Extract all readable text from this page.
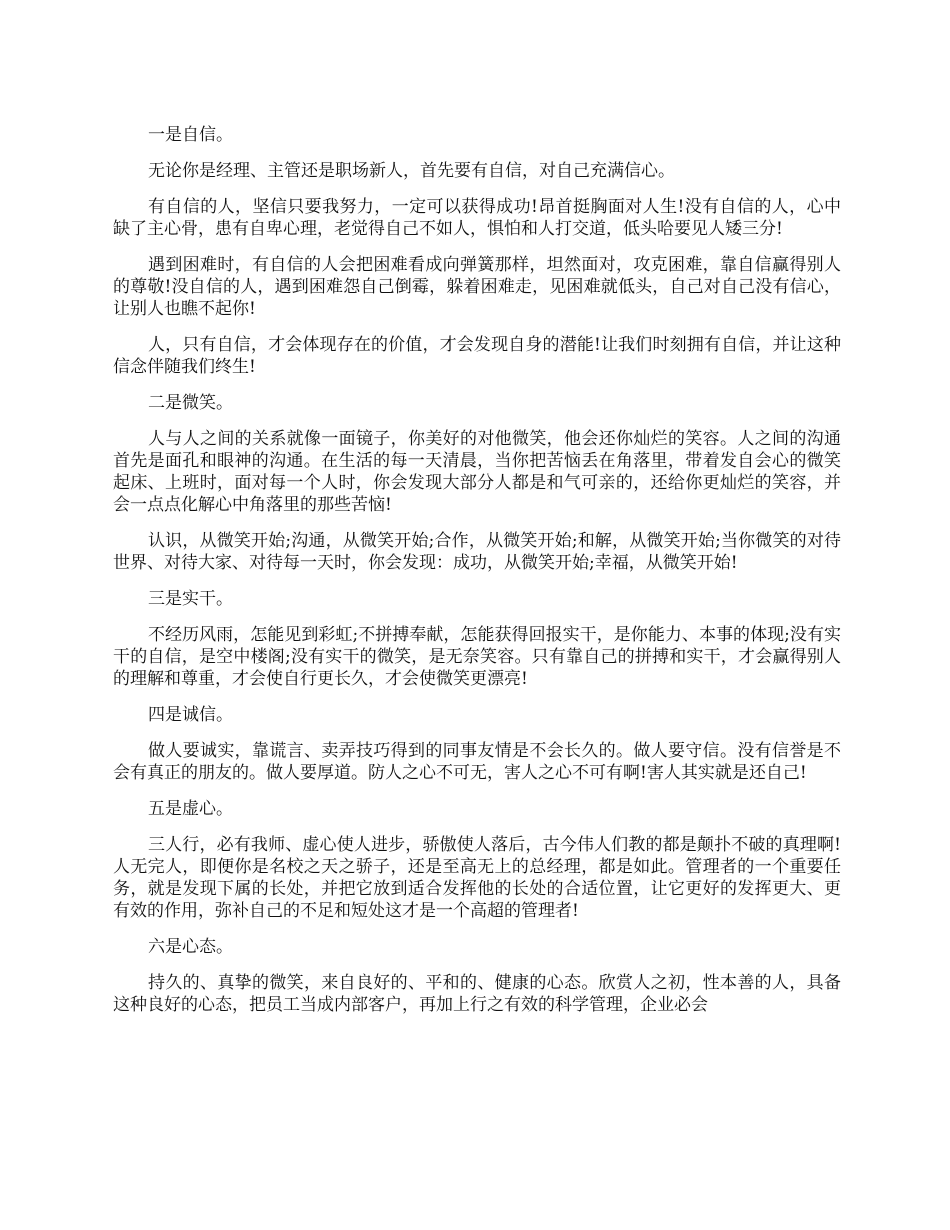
一是自信。

无论你是经理、主管还是职场新人，首先要有自信，对自己充满信心。

有自信的人，坚信只要我努力，一定可以获得成功!昂首挺胸面对人生!没有自信的人，心中缺了主心骨，患有自卑心理，老觉得自己不如人，惧怕和人打交道，低头哈要见人矮三分!

遇到困难时，有自信的人会把困难看成向弹簧那样，坦然面对，攻克困难，靠自信赢得别人的尊敬!没自信的人，遇到困难怨自己倒霉，躲着困难走，见困难就低头，自己对自己没有信心，让别人也瞧不起你!

人，只有自信，才会体现存在的价值，才会发现自身的潜能!让我们时刻拥有自信，并让这种信念伴随我们终生!

二是微笑。

人与人之间的关系就像一面镜子，你美好的对他微笑，他会还你灿烂的笑容。人之间的沟通首先是面孔和眼神的沟通。在生活的每一天清晨，当你把苦恼丢在角落里，带着发自会心的微笑起床、上班时，面对每一个人时，你会发现大部分人都是和气可亲的，还给你更灿烂的笑容，并会一点点化解心中角落里的那些苦恼!

认识，从微笑开始;沟通，从微笑开始;合作，从微笑开始;和解，从微笑开始;当你微笑的对待世界、对待大家、对待每一天时，你会发现：成功，从微笑开始;幸福，从微笑开始!

三是实干。

不经历风雨，怎能见到彩虹;不拼搏奉献，怎能获得回报实干，是你能力、本事的体现;没有实干的自信，是空中楼阁;没有实干的微笑，是无奈笑容。只有靠自己的拼搏和实干，才会赢得别人的理解和尊重，才会使自行更长久，才会使微笑更漂亮!

四是诚信。

做人要诚实，靠谎言、卖弄技巧得到的同事友情是不会长久的。做人要守信。没有信誉是不会有真正的朋友的。做人要厚道。防人之心不可无，害人之心不可有啊!害人其实就是还自己!

五是虚心。

三人行，必有我师、虚心使人进步，骄傲使人落后，古今伟人们教的都是颠扑不破的真理啊!人无完人，即便你是名校之天之骄子，还是至高无上的总经理，都是如此。管理者的一个重要任务，就是发现下属的长处，并把它放到适合发挥他的长处的合适位置，让它更好的发挥更大、更有效的作用，弥补自己的不足和短处这才是一个高超的管理者!

六是心态。

持久的、真挚的微笑，来自良好的、平和的、健康的心态。欣赏人之初，性本善的人，具备这种良好的心态，把员工当成内部客户，再加上行之有效的科学管理，企业必会
